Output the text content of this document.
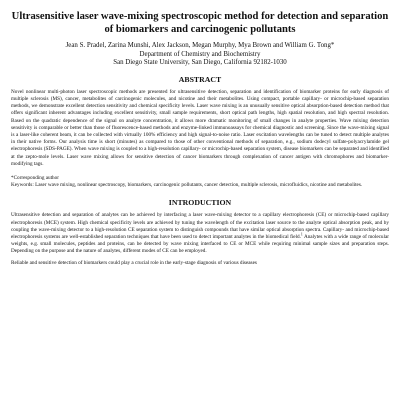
Ultrasensitive laser wave-mixing spectroscopic method for detection and separation of biomarkers and carcinogenic pollutants
Jean S. Pradel, Zarina Munshi, Alex Jackson, Megan Murphy, Mya Brown and William G. Tong*
Department of Chemistry and Biochemistry
San Diego State University, San Diego, California 92182-1030
ABSTRACT
Novel nonlinear multi-photon laser spectroscopic methods are presented for ultrasensitive detection, separation and identification of biomarker proteins for early diagnosis of multiple sclerosis (MS), cancer, metabolites of carcinogenic molecules, and nicotine and their metabolites. Using compact, portable capillary- or microchip-based separation methods, we demonstrate excellent detection sensitivity and chemical specificity levels. Laser wave mixing is an unusually sensitive optical absorption-based detection method that offers significant inherent advantages including excellent sensitivity, small sample requirements, short optical path lengths, high spatial resolution, and high spectral resolution. Based on the quadratic dependence of the signal on analyte concentration, it allows more dramatic monitoring of small changes in analyte properties. Wave mixing detection sensitivity is comparable or better than those of fluorescence-based methods and enzyme-linked immunoassays for chemical diagnostic and screening. Since the wave-mixing signal is a laser-like coherent beam, it can be collected with virtually 100% efficiency and high signal-to-noise ratio. Laser excitation wavelengths can be tuned to detect multiple analytes in their native forms. Our analysis time is short (minutes) as compared to those of other conventional methods of separation, e.g., sodium dodecyl sulfate-polyacrylamide gel electrophoresis (SDS-PAGE). When wave mixing is coupled to a high-resolution capillary- or microchip-based separation system, disease biomarkers can be separated and identified at the zepto-mole levels. Laser wave mixing allows for sensitive detection of cancer biomarkers through complexation of cancer antigen with chromophores and biomarker-modifying tags.
*Corresponding author
Keywords: Laser wave mixing, nonlinear spectroscopy, biomarkers, carcinogenic pollutants, cancer detection, multiple sclerosis, microfluidics, nicotine and metabolites.
INTRODUCTION
Ultrasensitive detection and separation of analytes can be achieved by interfacing a laser wave-mixing detector to a capillary electrophoresis (CE) or microchip-based capillary electrophoresis (MCE) system. High chemical specificity levels are achieved by tuning the wavelength of the excitation laser source to the analyte optical absorption peak, and by coupling the wave-mixing detector to a high-resolution CE separation system to distinguish compounds that have similar optical absorption spectra. Capillary- and microchip-based electrophoresis systems are well-established separation techniques that have been used to detect important analytes in the biomedical field.$^1$ Analytes with a wide range of molecular weights, e.g. small molecules, peptides and proteins, can be detected by wave mixing interfaced to CE or MCE while requiring minimal sample sizes and preparation steps. Depending on the purpose and the nature of analytes, different modes of CE can be employed.
Reliable and sensitive detection of biomarkers could play a crucial role in the early-stage diagnosis of various diseases
